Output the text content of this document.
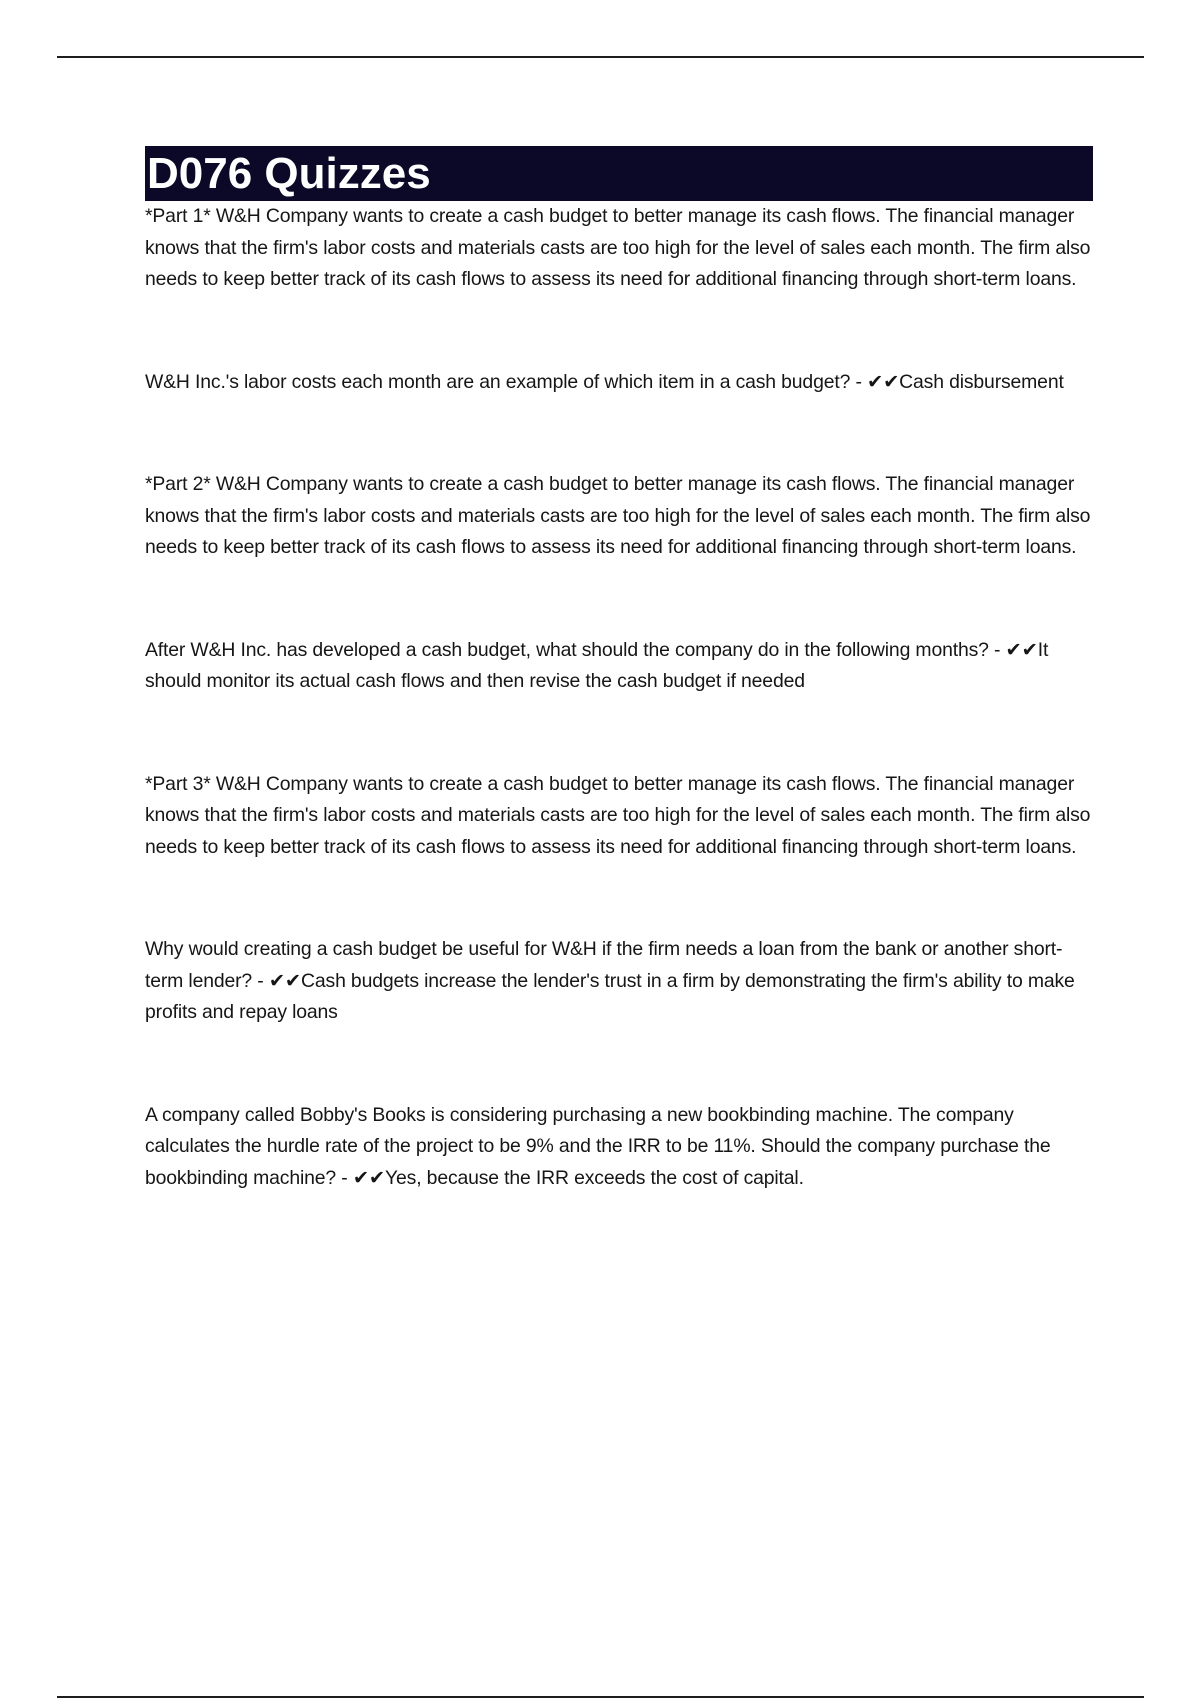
D076 Quizzes

*Part 1* W&H Company wants to create a cash budget to better manage its cash flows. The financial manager knows that the firm's labor costs and materials casts are too high for the level of sales each month. The firm also needs to keep better track of its cash flows to assess its need for additional financing through short-term loans.

W&H Inc.'s labor costs each month are an example of which item in a cash budget? - ✔✔Cash disbursement

*Part 2* W&H Company wants to create a cash budget to better manage its cash flows. The financial manager knows that the firm's labor costs and materials casts are too high for the level of sales each month. The firm also needs to keep better track of its cash flows to assess its need for additional financing through short-term loans.

After W&H Inc. has developed a cash budget, what should the company do in the following months? - ✔✔It should monitor its actual cash flows and then revise the cash budget if needed

*Part 3* W&H Company wants to create a cash budget to better manage its cash flows. The financial manager knows that the firm's labor costs and materials casts are too high for the level of sales each month. The firm also needs to keep better track of its cash flows to assess its need for additional financing through short-term loans.

Why would creating a cash budget be useful for W&H if the firm needs a loan from the bank or another short-term lender? - ✔✔Cash budgets increase the lender's trust in a firm by demonstrating the firm's ability to make profits and repay loans

A company called Bobby's Books is considering purchasing a new bookbinding machine. The company calculates the hurdle rate of the project to be 9% and the IRR to be 11%. Should the company purchase the bookbinding machine? - ✔✔Yes, because the IRR exceeds the cost of capital.
